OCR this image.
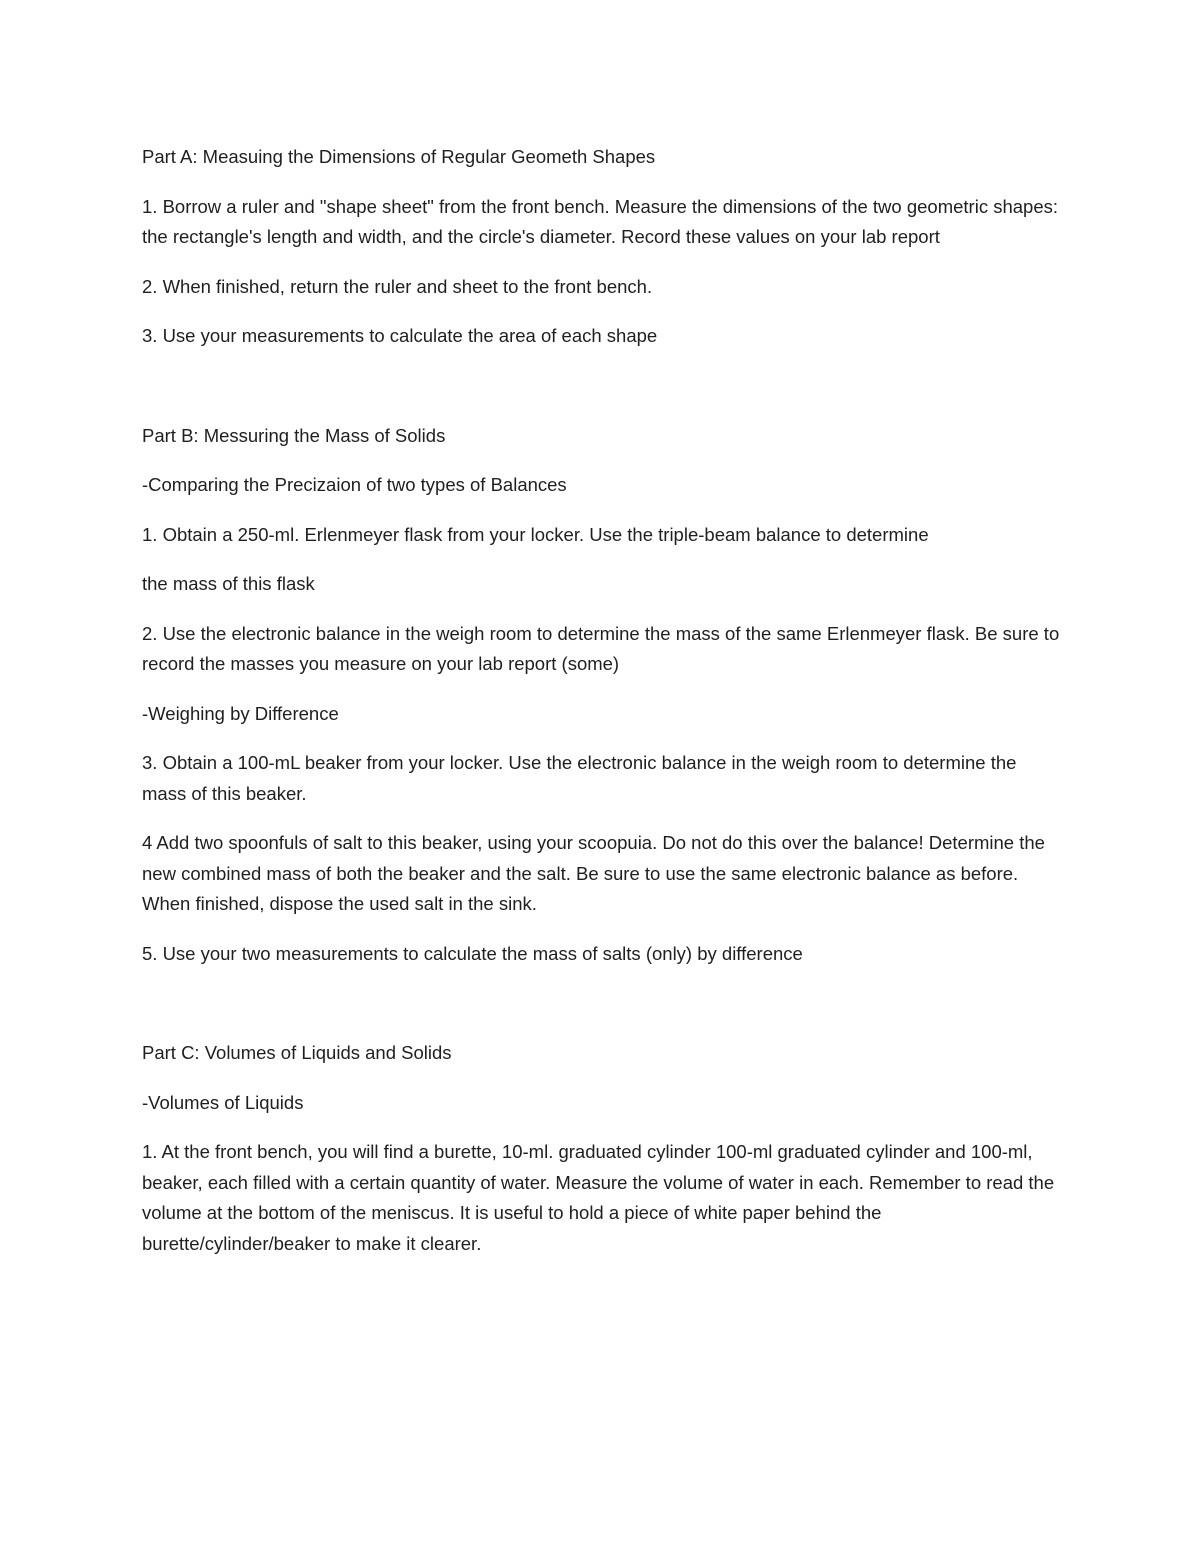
Part A: Measuing the Dimensions of Regular Geometh Shapes

1. Borrow a ruler and "shape sheet" from the front bench. Measure the dimensions of the two geometric shapes: the rectangle's length and width, and the circle's diameter. Record these values on your lab report

2. When finished, return the ruler and sheet to the front bench.

3. Use your measurements to calculate the area of each shape

Part B: Messuring the Mass of Solids

-Comparing the Precizaion of two types of Balances

1. Obtain a 250-ml. Erlenmeyer flask from your locker. Use the triple-beam balance to determine

the mass of this flask

2. Use the electronic balance in the weigh room to determine the mass of the same Erlenmeyer flask. Be sure to record the masses you measure on your lab report (some)

-Weighing by Difference

3. Obtain a 100-mL beaker from your locker. Use the electronic balance in the weigh room to determine the mass of this beaker.

4 Add two spoonfuls of salt to this beaker, using your scoopuia. Do not do this over the balance! Determine the new combined mass of both the beaker and the salt. Be sure to use the same electronic balance as before. When finished, dispose the used salt in the sink.

5. Use your two measurements to calculate the mass of salts (only) by difference

Part C: Volumes of Liquids and Solids

-Volumes of Liquids

1. At the front bench, you will find a burette, 10-ml. graduated cylinder 100-ml graduated cylinder and 100-ml, beaker, each filled with a certain quantity of water. Measure the volume of water in each. Remember to read the volume at the bottom of the meniscus. It is useful to hold a piece of white paper behind the burette/cylinder/beaker to make it clearer.
